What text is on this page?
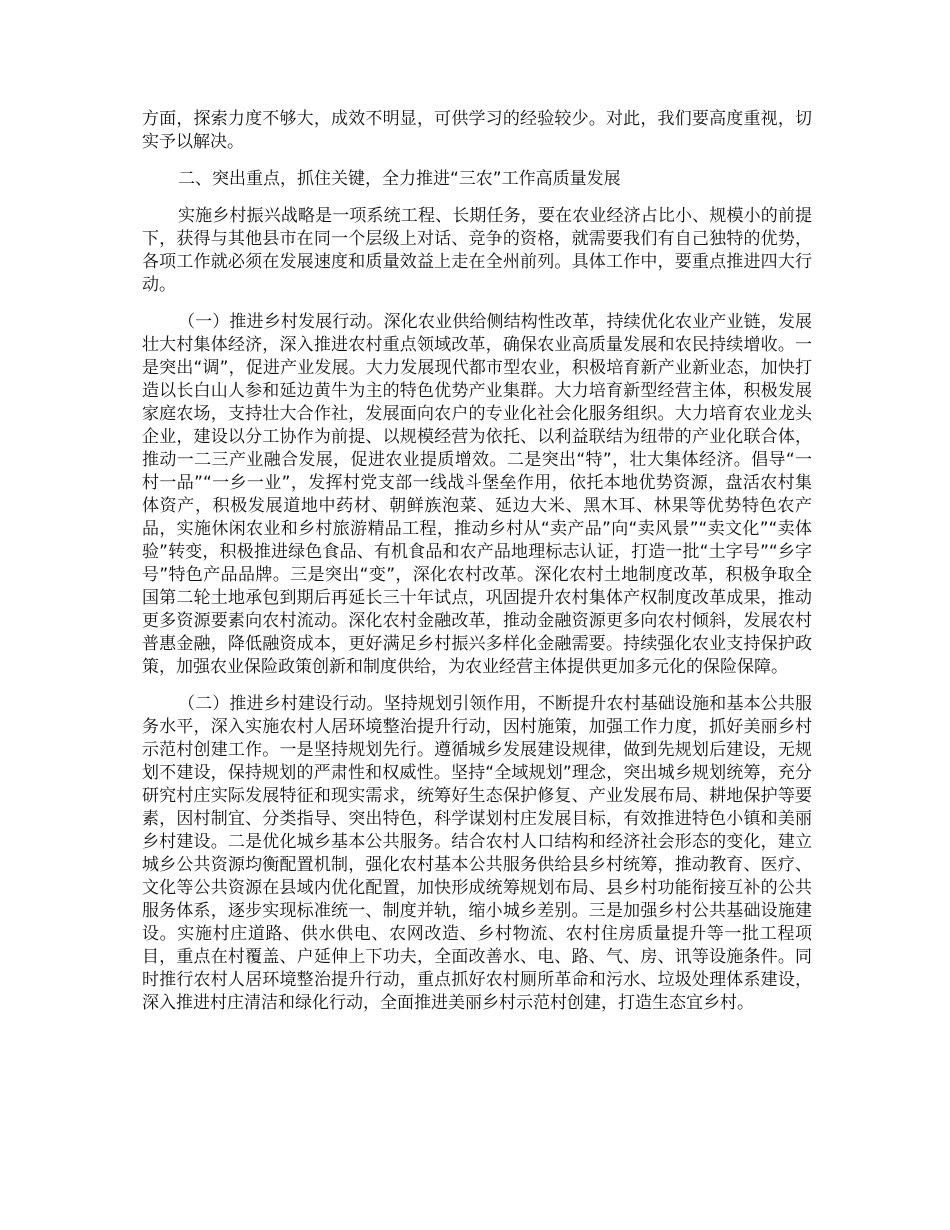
方面，探索力度不够大，成效不明显，可供学习的经验较少。对此，我们要高度重视，切实予以解决。

二、突出重点，抓住关键，全力推进“三农”工作高质量发展

实施乡村振兴战略是一项系统工程、长期任务，要在农业经济占比小、规模小的前提下，获得与其他县市在同一个层级上对话、竞争的资格，就需要我们有自己独特的优势，各项工作就必须在发展速度和质量效益上走在全州前列。具体工作中，要重点推进四大行动。

（一）推进乡村发展行动。深化农业供给侧结构性改革，持续优化农业产业链，发展壮大村集体经济，深入推进农村重点领域改革，确保农业高质量发展和农民持续增收。一是突出“调”，促进产业发展。大力发展现代都市型农业，积极培育新产业新业态，加快打造以长白山人参和延边黄牛为主的特色优势产业集群。大力培育新型经营主体，积极发展家庭农场，支持壮大合作社，发展面向农户的专业化社会化服务组织。大力培育农业龙头企业，建设以分工协作为前提、以规模经营为依托、以利益联结为纽带的产业化联合体，推动一二三产业融合发展，促进农业提质增效。二是突出“特”，壮大集体经济。倡导“一村一品”“一乡一业”，发挥村党支部一线战斗堡垒作用，依托本地优势资源，盘活农村集体资产，积极发展道地中药材、朝鲜族泡菜、延边大米、黑木耳、林果等优势特色农产品，实施休闲农业和乡村旅游精品工程，推动乡村从“卖产品”向“卖风景”“卖文化”“卖体验”转变，积极推进绿色食品、有机食品和农产品地理标志认证，打造一批“土字号”“乡字号”特色产品品牌。三是突出“变”，深化农村改革。深化农村土地制度改革，积极争取全国第二轮土地承包到期后再延长三十年试点，巩固提升农村集体产权制度改革成果，推动更多资源要素向农村流动。深化农村金融改革，推动金融资源更多向农村倾斜，发展农村普惠金融，降低融资成本，更好满足乡村振兴多样化金融需要。持续强化农业支持保护政策，加强农业保险政策创新和制度供给，为农业经营主体提供更加多元化的保险保障。

（二）推进乡村建设行动。坚持规划引领作用，不断提升农村基础设施和基本公共服务水平，深入实施农村人居环境整治提升行动，因村施策，加强工作力度，抓好美丽乡村示范村创建工作。一是坚持规划先行。遵循城乡发展建设规律，做到先规划后建设，无规划不建设，保持规划的严肃性和权威性。坚持“全域规划”理念，突出城乡规划统筹，充分研究村庄实际发展特征和现实需求，统筹好生态保护修复、产业发展布局、耕地保护等要素，因村制宜、分类指导、突出特色，科学谋划村庄发展目标，有效推进特色小镇和美丽乡村建设。二是优化城乡基本公共服务。结合农村人口结构和经济社会形态的变化，建立城乡公共资源均衡配置机制，强化农村基本公共服务供给县乡村统筹，推动教育、医疗、文化等公共资源在县域内优化配置，加快形成统筹规划布局、县乡村功能衔接互补的公共服务体系，逐步实现标准统一、制度并轨，缩小城乡差别。三是加强乡村公共基础设施建设。实施村庄道路、供水供电、农网改造、乡村物流、农村住房质量提升等一批工程项目，重点在村覆盖、户延伸上下功夫，全面改善水、电、路、气、房、讯等设施条件。同时推行农村人居环境整治提升行动，重点抓好农村厕所革命和污水、垃圾处理体系建设，深入推进村庄清洁和绿化行动，全面推进美丽乡村示范村创建，打造生态宜乡村。
